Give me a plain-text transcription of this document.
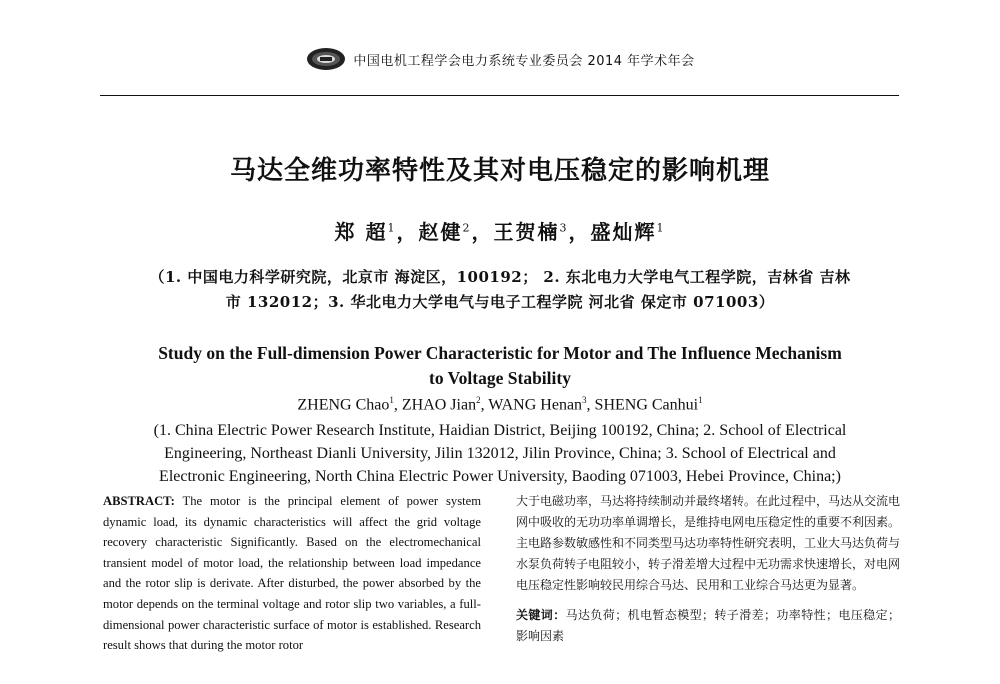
中国电机工程学会电力系统专业委员会 2014 年学术年会
马达全维功率特性及其对电压稳定的影响机理
郑 超$^1$，赵健$^2$，王贺楠$^3$，盛灿辉$^1$
（1. 中国电力科学研究院，北京市 海淀区，100192； 2. 东北电力大学电气工程学院，吉林省 吉林
市 132012；3. 华北电力大学电气与电子工程学院 河北省 保定市 071003）
Study on the Full-dimension Power Characteristic for Motor and The Influence Mechanism
to Voltage Stability
ZHENG Chao$^1$, ZHAO Jian$^2$, WANG Henan$^3$, SHENG Canhui$^1$
(1. China Electric Power Research Institute, Haidian District, Beijing 100192, China; 2. School of Electrical
Engineering, Northeast Dianli University, Jilin 132012, Jilin Province, China; 3. School of Electrical and
Electronic Engineering, North China Electric Power University, Baoding 071003, Hebei Province, China;)
ABSTRACT: The motor is the principal element of power system dynamic load, its dynamic characteristics will affect the grid voltage recovery characteristic Significantly. Based on the electromechanical transient model of motor load, the relationship between load impedance and the rotor slip is derivate. After disturbed, the power absorbed by the motor depends on the terminal voltage and rotor slip two variables, a full-dimensional power characteristic surface of motor is established. Research result shows that during the motor rotor
大于电磁功率，马达将持续制动并最终堵转。在此过程中，马达从交流电网中吸收的无功功率单调增长，是维持电网电压稳定性的重要不利因素。主电路参数敏感性和不同类型马达功率特性研究表明，工业大马达负荷与水泵负荷转子电阻较小，转子滑差增大过程中无功需求快速增长，对电网电压稳定性影响较民用综合马达、民用和工业综合马达更为显著。
关键词：马达负荷；机电暂态模型；转子滑差；功率特性；电压稳定；影响因素
